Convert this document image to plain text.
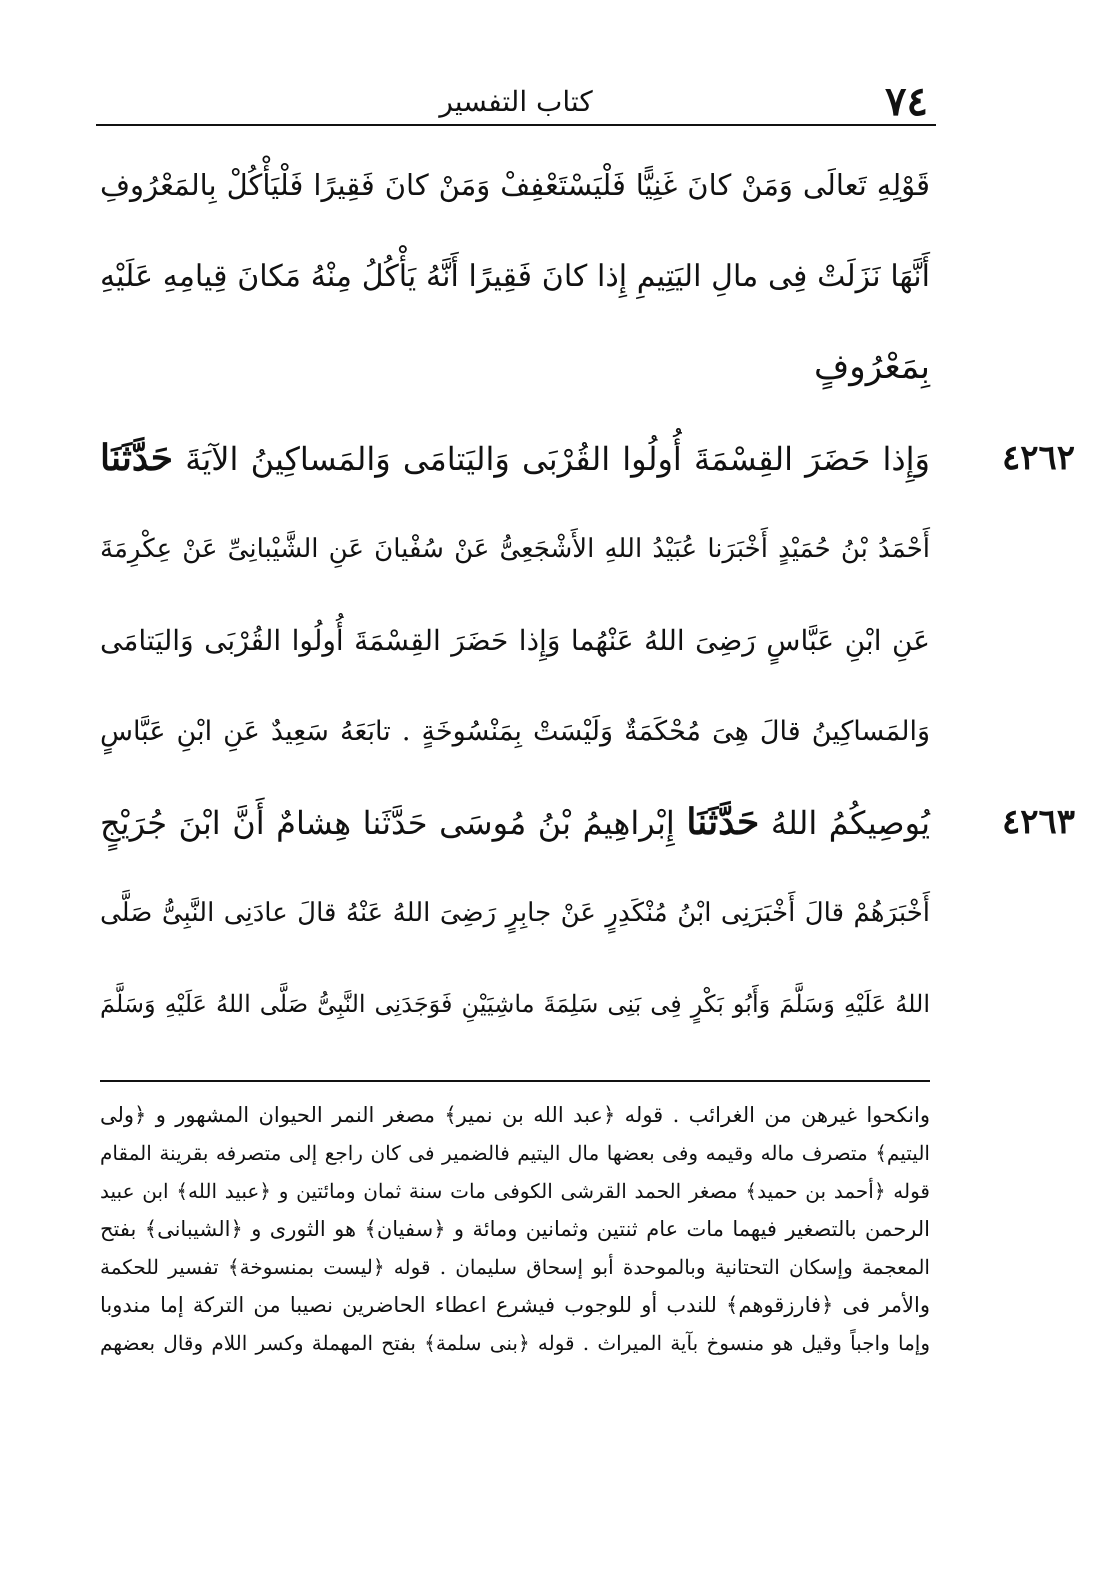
٧٤
كتاب التفسير
قَوْلِهِ تَعالَى وَمَنْ كانَ غَنِيًّا فَلْيَسْتَعْفِفْ وَمَنْ كانَ فَقِيرًا فَلْيَأْكُلْ بِالمَعْرُوفِ
أَنَّهَا نَزَلَتْ فِى مالِ اليَتِيمِ إِذا كانَ فَقِيرًا أَنَّهُ يَأْكُلُ مِنْهُ مَكانَ قِيامِهِ عَلَيْهِ
بِمَعْرُوفٍ
٤٢٦٢
وَإِذا حَضَرَ القِسْمَةَ أُولُوا القُرْبَى وَاليَتامَى وَالمَساكِينُ الآيَةَ حَدَّثَنَا
أَحْمَدُ بْنُ حُمَيْدٍ أَخْبَرَنا عُبَيْدُ اللهِ الأَشْجَعِىُّ عَنْ سُفْيانَ عَنِ الشَّيْبانِىِّ عَنْ عِكْرِمَةَ
عَنِ ابْنِ عَبَّاسٍ رَضِىَ اللهُ عَنْهُما وَإِذا حَضَرَ القِسْمَةَ أُولُوا القُرْبَى وَاليَتامَى
وَالمَساكِينُ قالَ هِىَ مُحْكَمَةٌ وَلَيْسَتْ بِمَنْسُوخَةٍ . تابَعَهُ سَعِيدٌ عَنِ ابْنِ عَبَّاسٍ
٤٢٦٣
يُوصِيكُمُ اللهُ حَدَّثَنَا إِبْراهِيمُ بْنُ مُوسَى حَدَّثَنا هِشامٌ أَنَّ ابْنَ جُرَيْجٍ
أَخْبَرَهُمْ قالَ أَخْبَرَنِى ابْنُ مُنْكَدِرٍ عَنْ جابِرٍ رَضِىَ اللهُ عَنْهُ قالَ عادَنِى النَّبِىُّ صَلَّى
اللهُ عَلَيْهِ وَسَلَّمَ وَأَبُو بَكْرٍ فِى بَنِى سَلِمَةَ ماشِيَيْنِ فَوَجَدَنِى النَّبِىُّ صَلَّى اللهُ عَلَيْهِ وَسَلَّمَ
وانكحوا غيرهن من الغرائب . قوله ﴿عبد الله بن نمير﴾ مصغر النمر الحيوان المشهور و ﴿ولى
اليتيم﴾ متصرف ماله وقيمه وفى بعضها مال اليتيم فالضمير فى كان راجع إلى متصرفه بقرينة المقام
قوله ﴿أحمد بن حميد﴾ مصغر الحمد القرشى الكوفى مات سنة ثمان ومائتين و ﴿عبيد الله﴾ ابن عبيد
الرحمن بالتصغير فيهما مات عام ثنتين وثمانين ومائة و ﴿سفيان﴾ هو الثورى و ﴿الشيبانى﴾ بفتح
المعجمة وإسكان التحتانية وبالموحدة أبو إسحاق سليمان . قوله ﴿ليست بمنسوخة﴾ تفسير للحكمة
والأمر فى ﴿فارزقوهم﴾ للندب أو للوجوب فيشرع اعطاء الحاضرين نصيبا من التركة إما مندوبا
وإما واجباً وقيل هو منسوخ بآية الميراث . قوله ﴿بنى سلمة﴾ بفتح المهملة وكسر اللام وقال بعضهم
